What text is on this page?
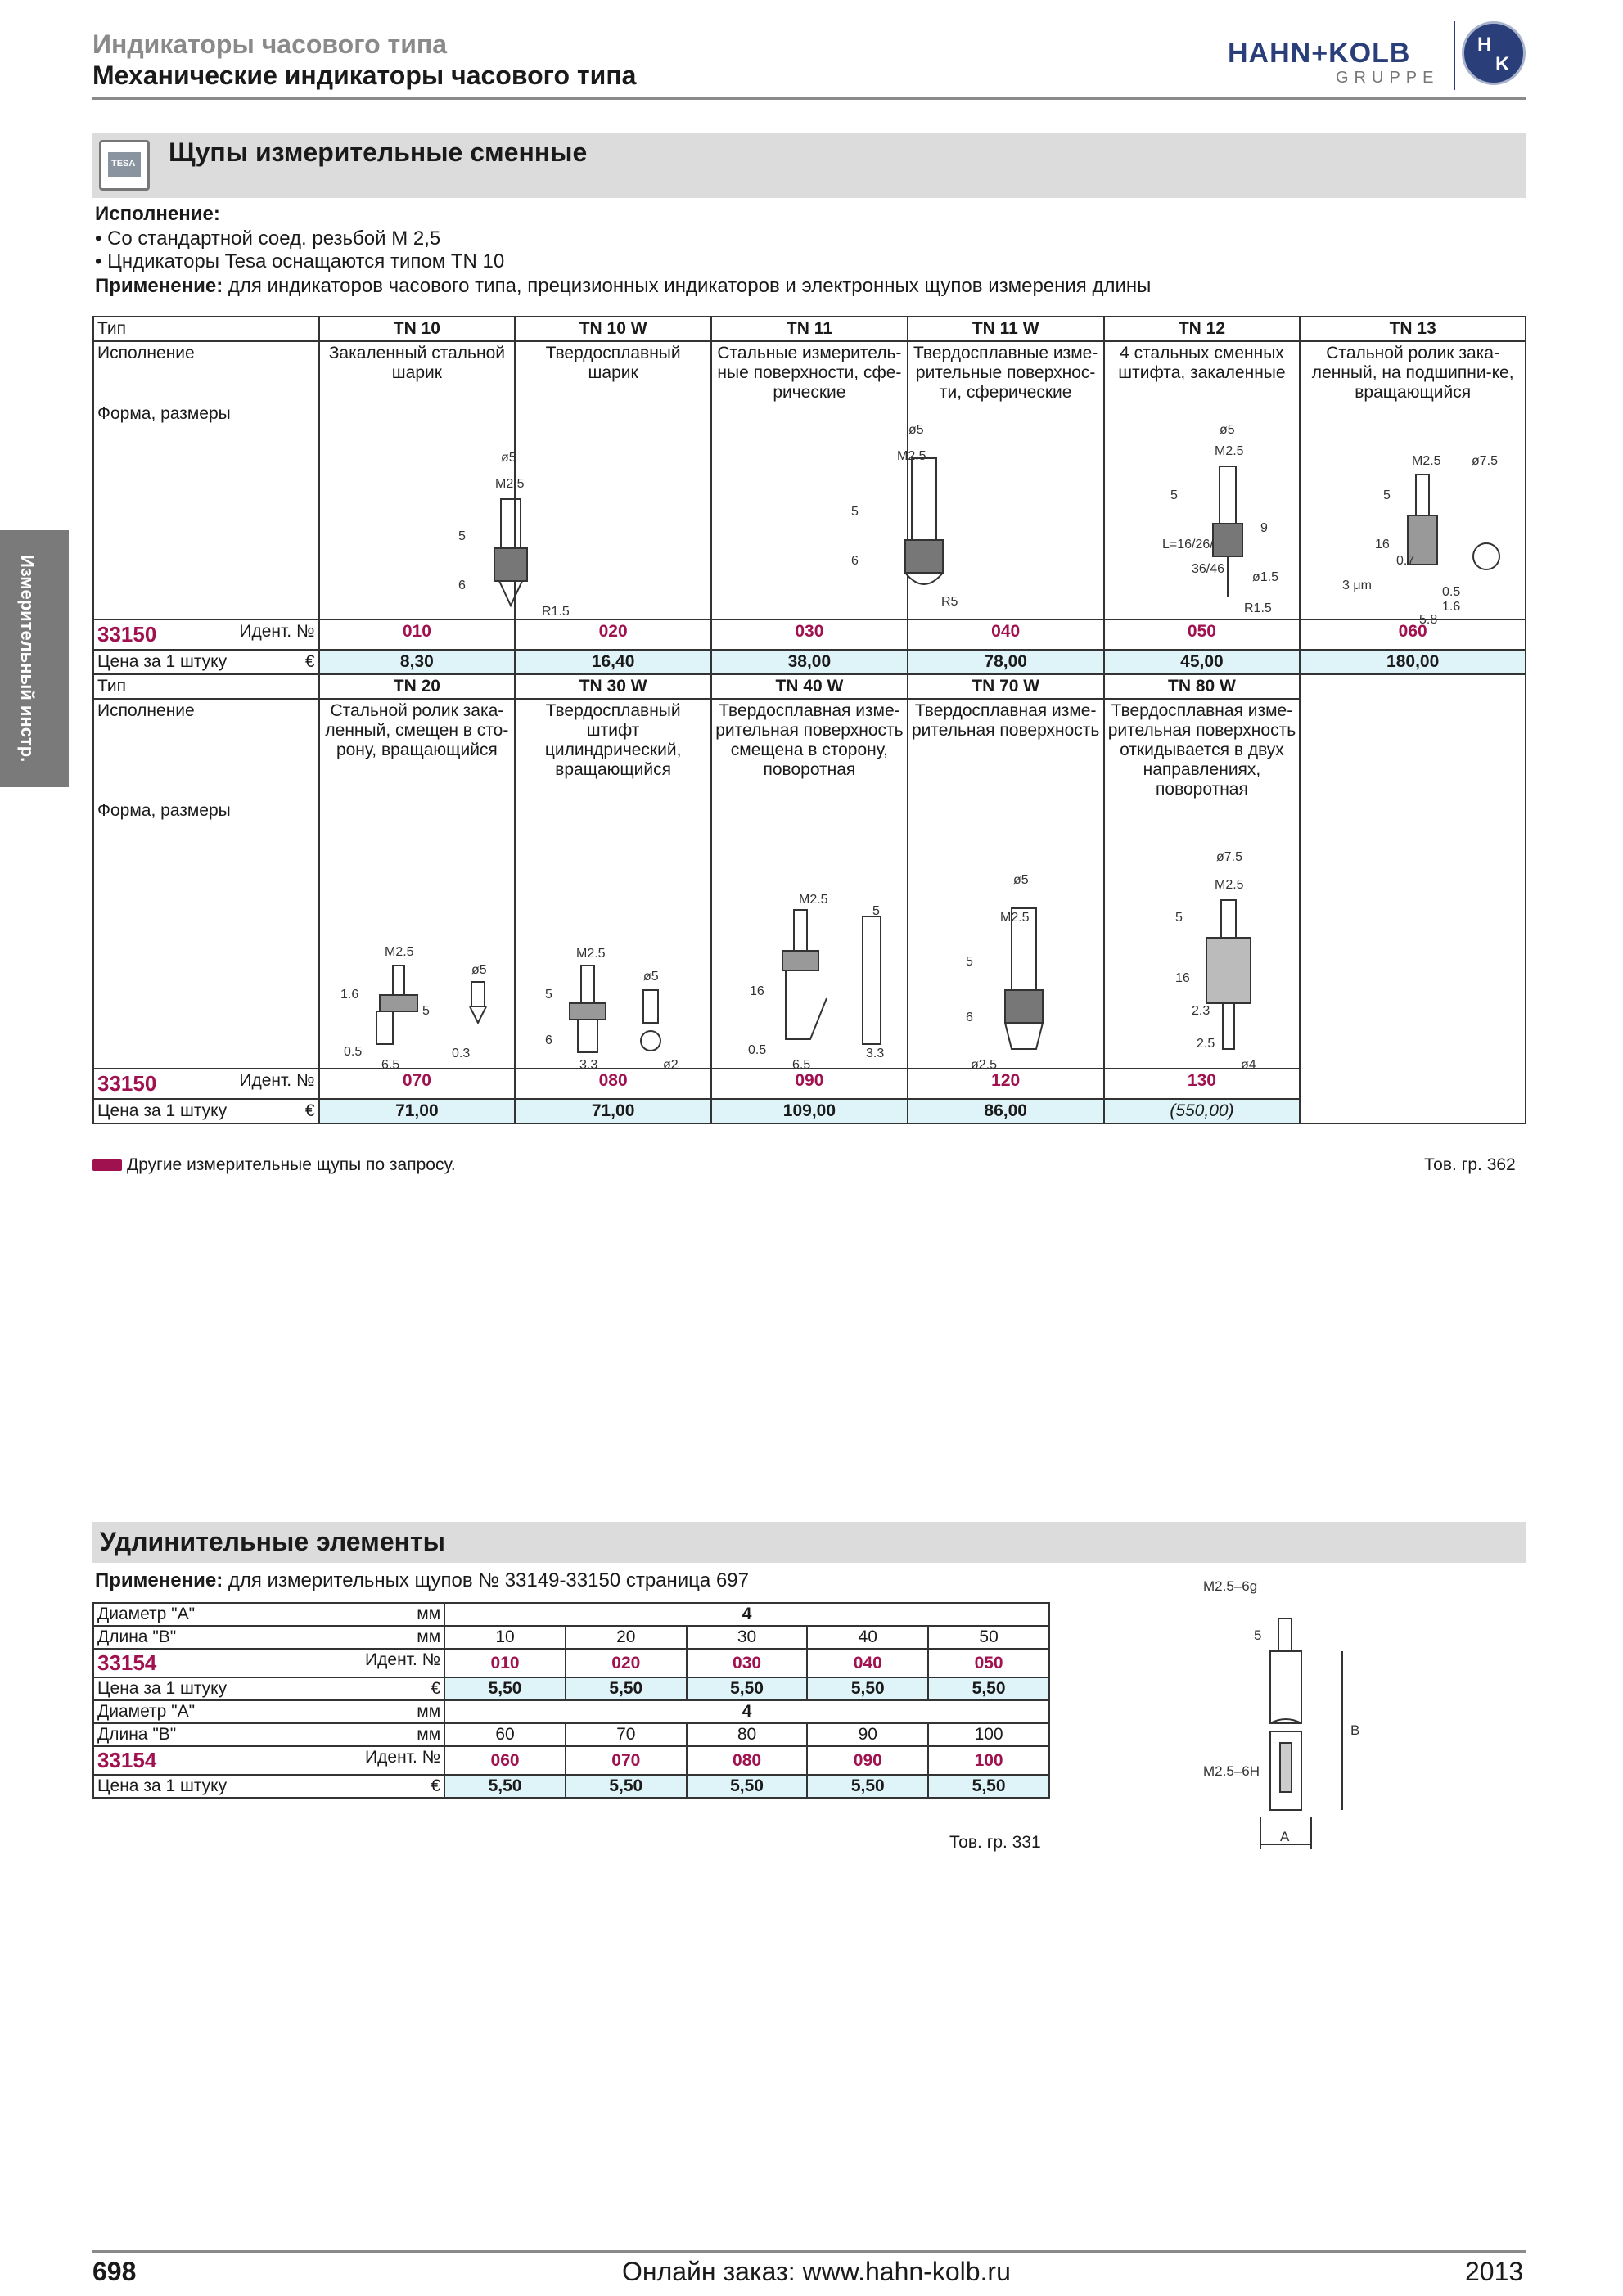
Индикаторы часового типа
Механические индикаторы часового типа
HAHN+KOLB
GRUPPE
H
K
Измерительный инстр.
TESA Щупы измерительные сменные
Исполнение:
• Со стандартной соед. резьбой M 2,5
• Цндикаторы Tesa оснащаются типом TN 10
Применение: для индикаторов часового типа, прецизионных индикаторов и электронных щупов измерения длины
Тип	TN 10	TN 10 W	TN 11	TN 11 W	TN 12	TN 13

Исполнение
Форма, размеры	Закаленный стальной шарик	Твердосплавный шарик	Стальные измеритель-ные поверхности, сфе-рические	Твердосплавные изме-рительные поверхнос-ти, сферические	4 стальных сменных штифта, закаленные	Стальной ролик зака-ленный, на подшипни-ке, вращающийся

33150 Идент. №	010	020	030	040	050	060
Цена за 1 штуку €	8,30	16,40	38,00	78,00	45,00	180,00
Тип	TN 20	TN 30 W	TN 40 W	TN 70 W	TN 80 W	

Исполнение
Форма, размеры	Стальной ролик зака-ленный, смещен в сто-рону, вращающийся	Твердосплавный штифт цилиндрический, вращающийся	Твердосплавная изме-рительная поверхность смещена в сторону, поворотная	Твердосплавная изме-рительная поверхность	Твердосплавная изме-рительная поверхность откидывается в двух направлениях, поворотная	

33150 Идент. №	070	080	090	120	130	
Цена за 1 штуку €	71,00	71,00	109,00	86,00	(550,00)	
ø5
M2.5
5
6
R1.5
ø5
M2.5
5
6
R5
ø5
M2.5
5
L=16/26/
36/46
9
ø1.5
R1.5
M2.5 ø7.5
5
16
0.7
3 μm	0.5
1.6
5.8
M2.5
1.6
0.5
5
6.5
ø5
0.3
M2.5
ø5
5
6
3.3	ø2
M2.5
5
16
0.5
6.5
3.3
ø5
M2.5
5
6
ø2.5
ø7.5
M2.5
5
16
2.3
2.5
ø4
Другие измерительные щупы по запросу.	Тов. гр. 362
Удлинительные элементы
Применение: для измерительных щупов № 33149-33150 страница 697
Диаметр "A" мм	4				
Длина "B" мм	10	20	30	40	50
33154 Идент. №	010	020	030	040	050
Цена за 1 штуку €	5,50	5,50	5,50	5,50	5,50
Диаметр "A" мм	4				
Длина "B" мм	60	70	80	90	100
33154 Идент. №	060	070	080	090	100
Цена за 1 штуку €	5,50	5,50	5,50	5,50	5,50
Тов. гр. 331
M2.5–6g
5
B
M2.5–6H
A
698	Онлайн заказ: www.hahn-kolb.ru	2013
